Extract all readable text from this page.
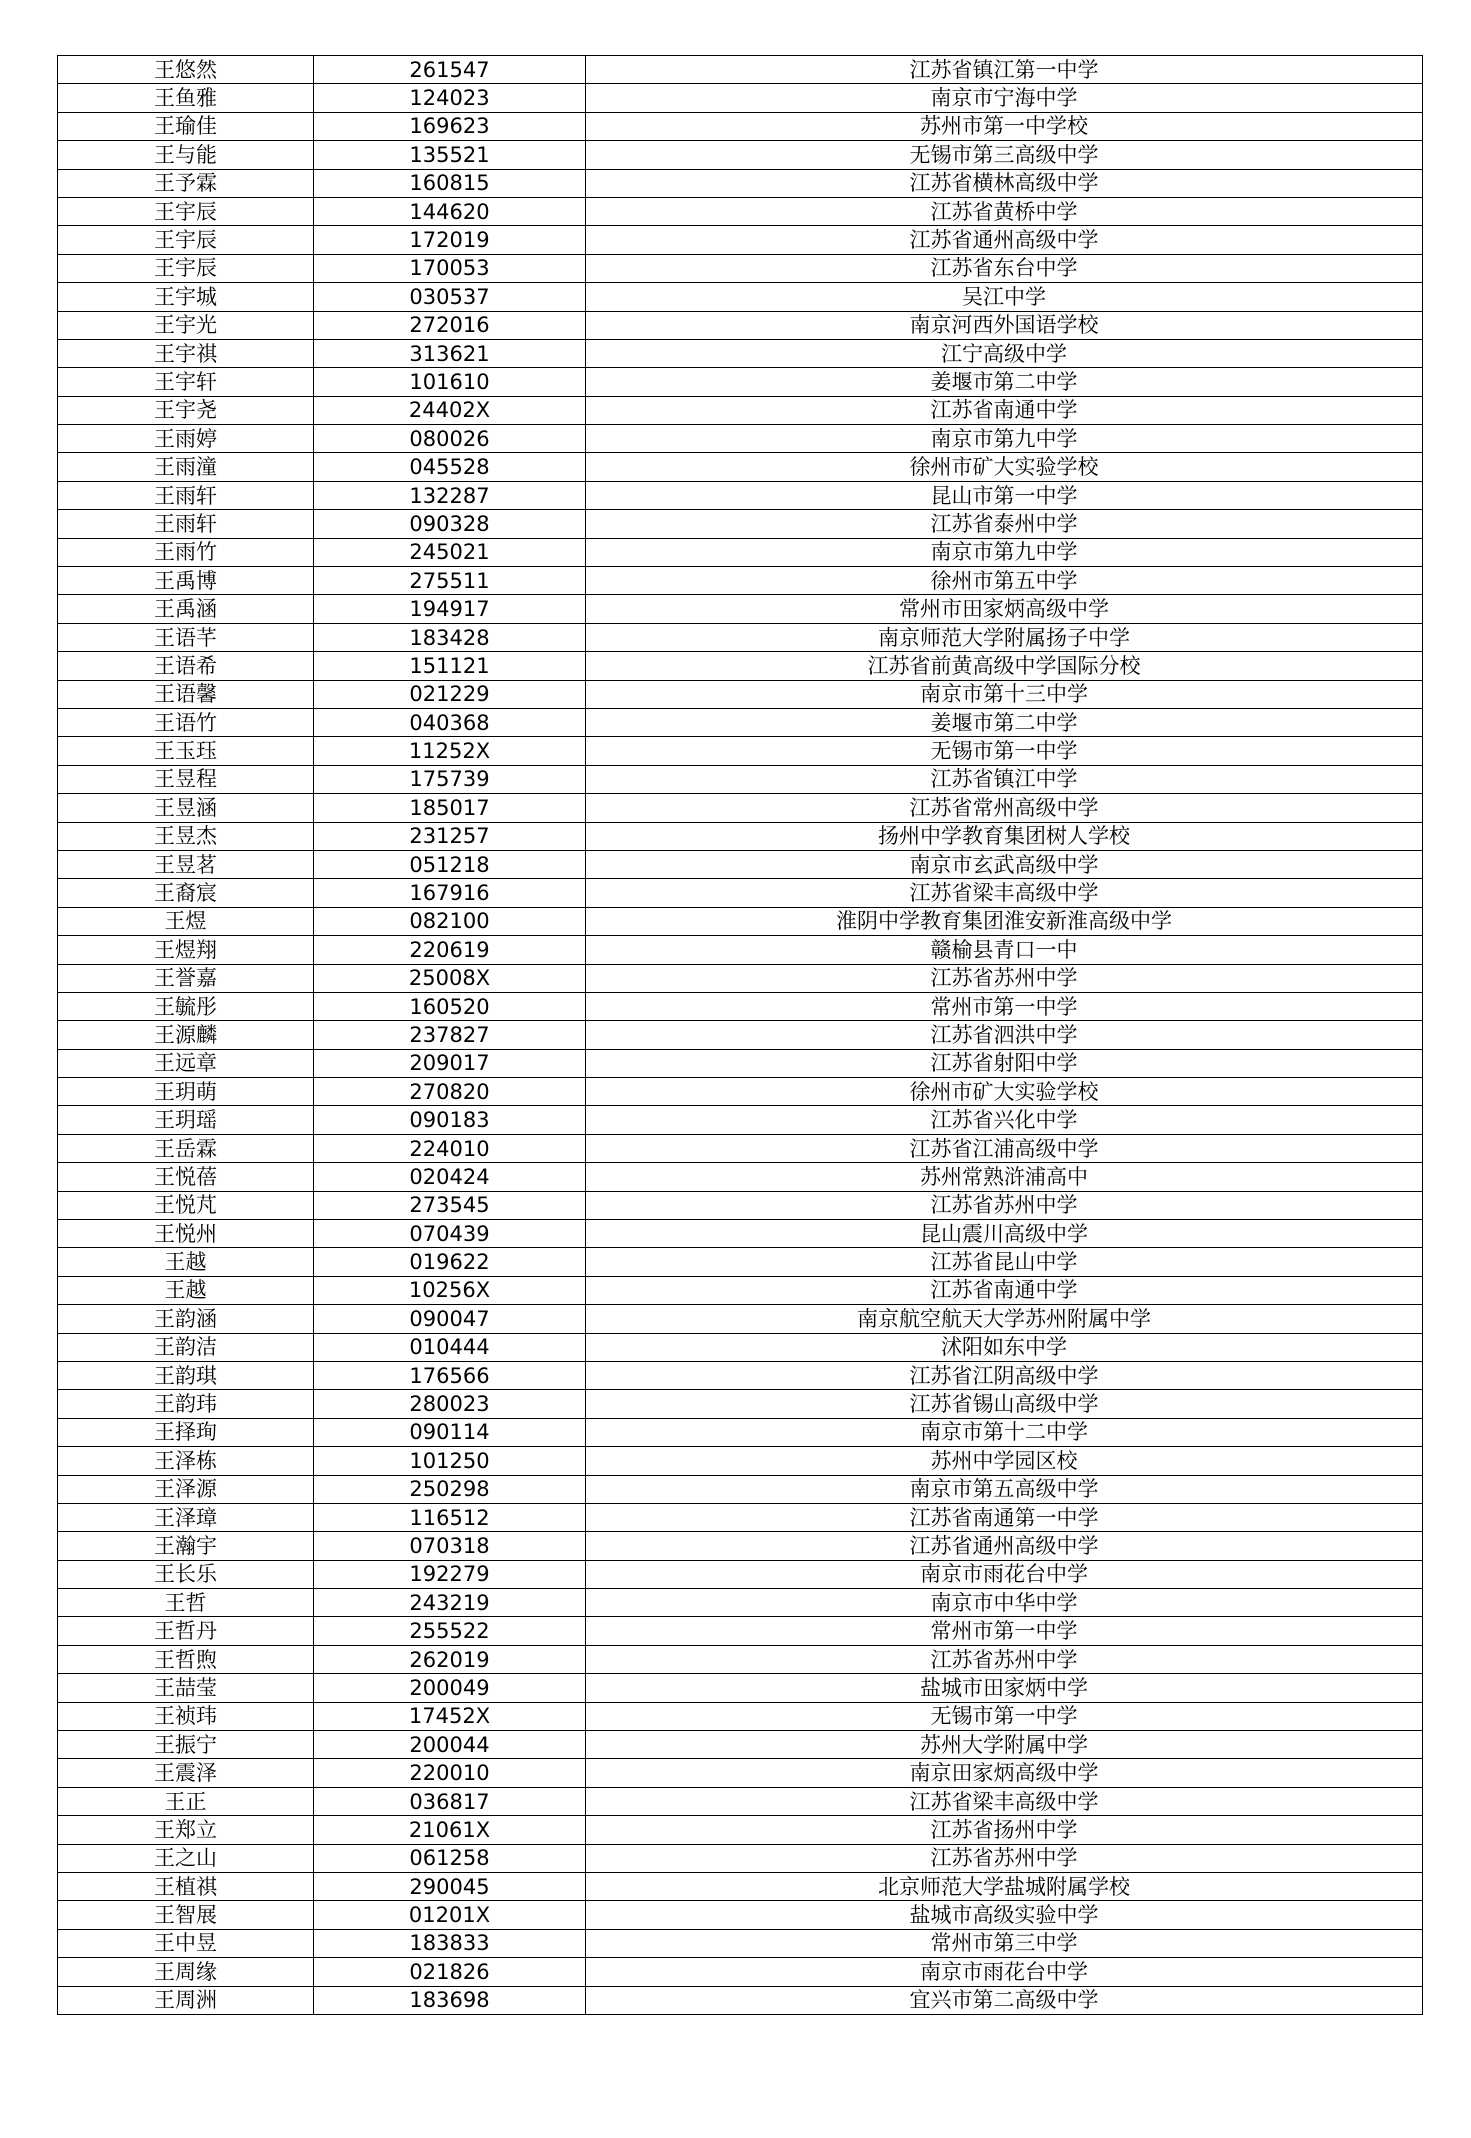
王悠然	261547	江苏省镇江第一中学
王鱼雅	124023	南京市宁海中学
王瑜佳	169623	苏州市第一中学校
王与能	135521	无锡市第三高级中学
王予霖	160815	江苏省横林高级中学
王宇辰	144620	江苏省黄桥中学
王宇辰	172019	江苏省通州高级中学
王宇辰	170053	江苏省东台中学
王宇城	030537	吴江中学
王宇光	272016	南京河西外国语学校
王宇祺	313621	江宁高级中学
王宇轩	101610	姜堰市第二中学
王宇尧	24402X	江苏省南通中学
王雨婷	080026	南京市第九中学
王雨潼	045528	徐州市矿大实验学校
王雨轩	132287	昆山市第一中学
王雨轩	090328	江苏省泰州中学
王雨竹	245021	南京市第九中学
王禹博	275511	徐州市第五中学
王禹涵	194917	常州市田家炳高级中学
王语芊	183428	南京师范大学附属扬子中学
王语希	151121	江苏省前黄高级中学国际分校
王语馨	021229	南京市第十三中学
王语竹	040368	姜堰市第二中学
王玉珏	11252X	无锡市第一中学
王昱程	175739	江苏省镇江中学
王昱涵	185017	江苏省常州高级中学
王昱杰	231257	扬州中学教育集团树人学校
王昱茗	051218	南京市玄武高级中学
王裔宸	167916	江苏省梁丰高级中学
王煜	082100	淮阴中学教育集团淮安新淮高级中学
王煜翔	220619	赣榆县青口一中
王誉嘉	25008X	江苏省苏州中学
王毓彤	160520	常州市第一中学
王源麟	237827	江苏省泗洪中学
王远章	209017	江苏省射阳中学
王玥萌	270820	徐州市矿大实验学校
王玥瑶	090183	江苏省兴化中学
王岳霖	224010	江苏省江浦高级中学
王悦蓓	020424	苏州常熟浒浦高中
王悦芃	273545	江苏省苏州中学
王悦州	070439	昆山震川高级中学
王越	019622	江苏省昆山中学
王越	10256X	江苏省南通中学
王韵涵	090047	南京航空航天大学苏州附属中学
王韵洁	010444	沭阳如东中学
王韵琪	176566	江苏省江阴高级中学
王韵玮	280023	江苏省锡山高级中学
王择珣	090114	南京市第十二中学
王泽栋	101250	苏州中学园区校
王泽源	250298	南京市第五高级中学
王泽璋	116512	江苏省南通第一中学
王瀚宇	070318	江苏省通州高级中学
王长乐	192279	南京市雨花台中学
王哲	243219	南京市中华中学
王哲丹	255522	常州市第一中学
王哲煦	262019	江苏省苏州中学
王喆莹	200049	盐城市田家炳中学
王祯玮	17452X	无锡市第一中学
王振宁	200044	苏州大学附属中学
王震泽	220010	南京田家炳高级中学
王正	036817	江苏省梁丰高级中学
王郑立	21061X	江苏省扬州中学
王之山	061258	江苏省苏州中学
王植祺	290045	北京师范大学盐城附属学校
王智展	01201X	盐城市高级实验中学
王中昱	183833	常州市第三中学
王周缘	021826	南京市雨花台中学
王周洲	183698	宜兴市第二高级中学
